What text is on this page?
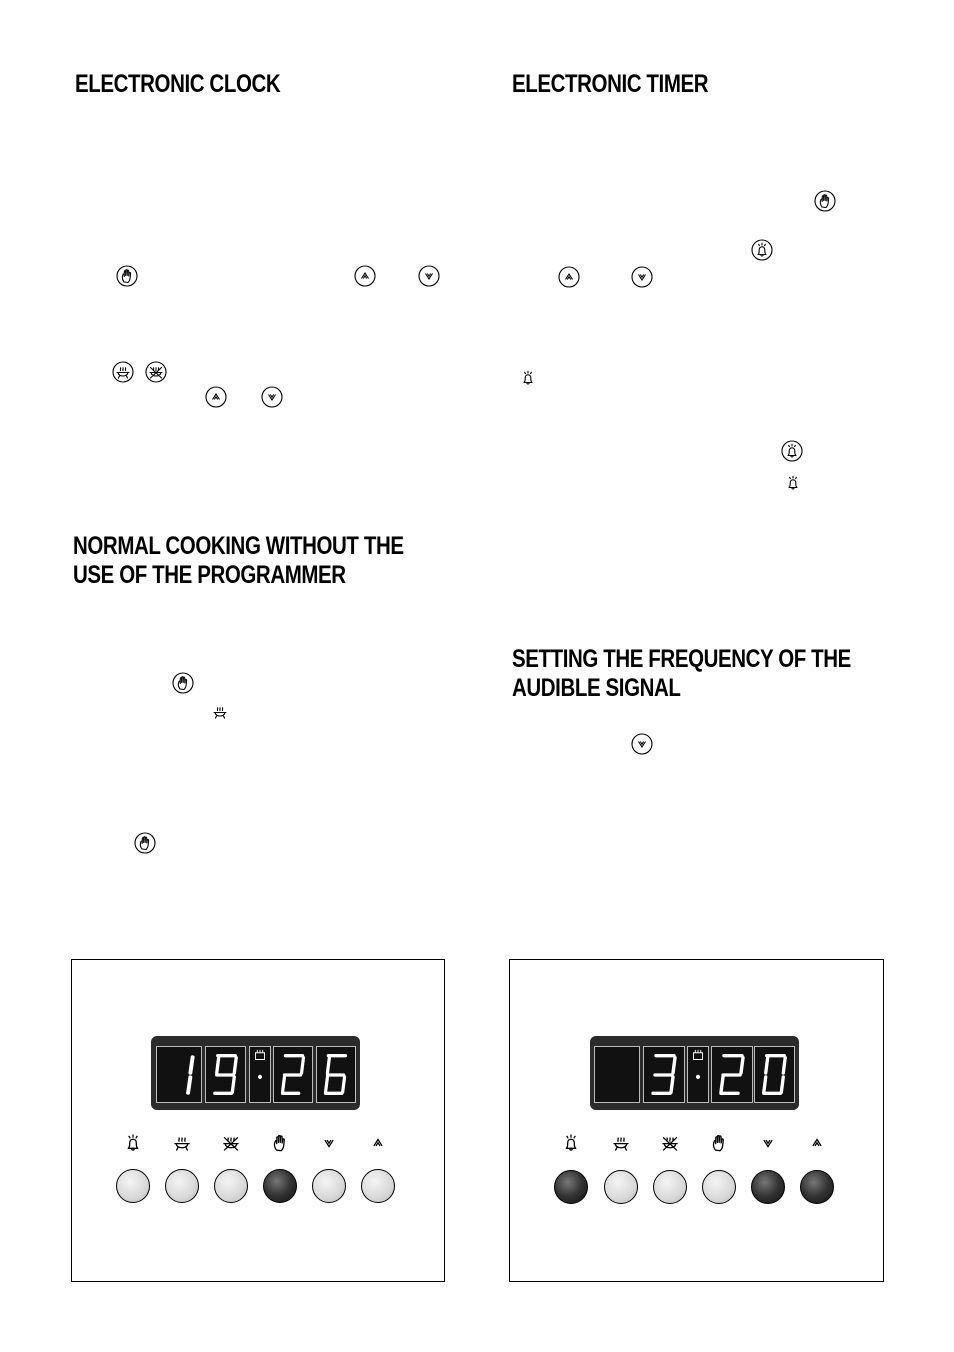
ELECTRONIC CLOCK	ELECTRONIC TIMER
NORMAL COOKING WITHOUT THE
USE OF THE PROGRAMMER
SETTING THE FREQUENCY OF THE
AUDIBLE SIGNAL
